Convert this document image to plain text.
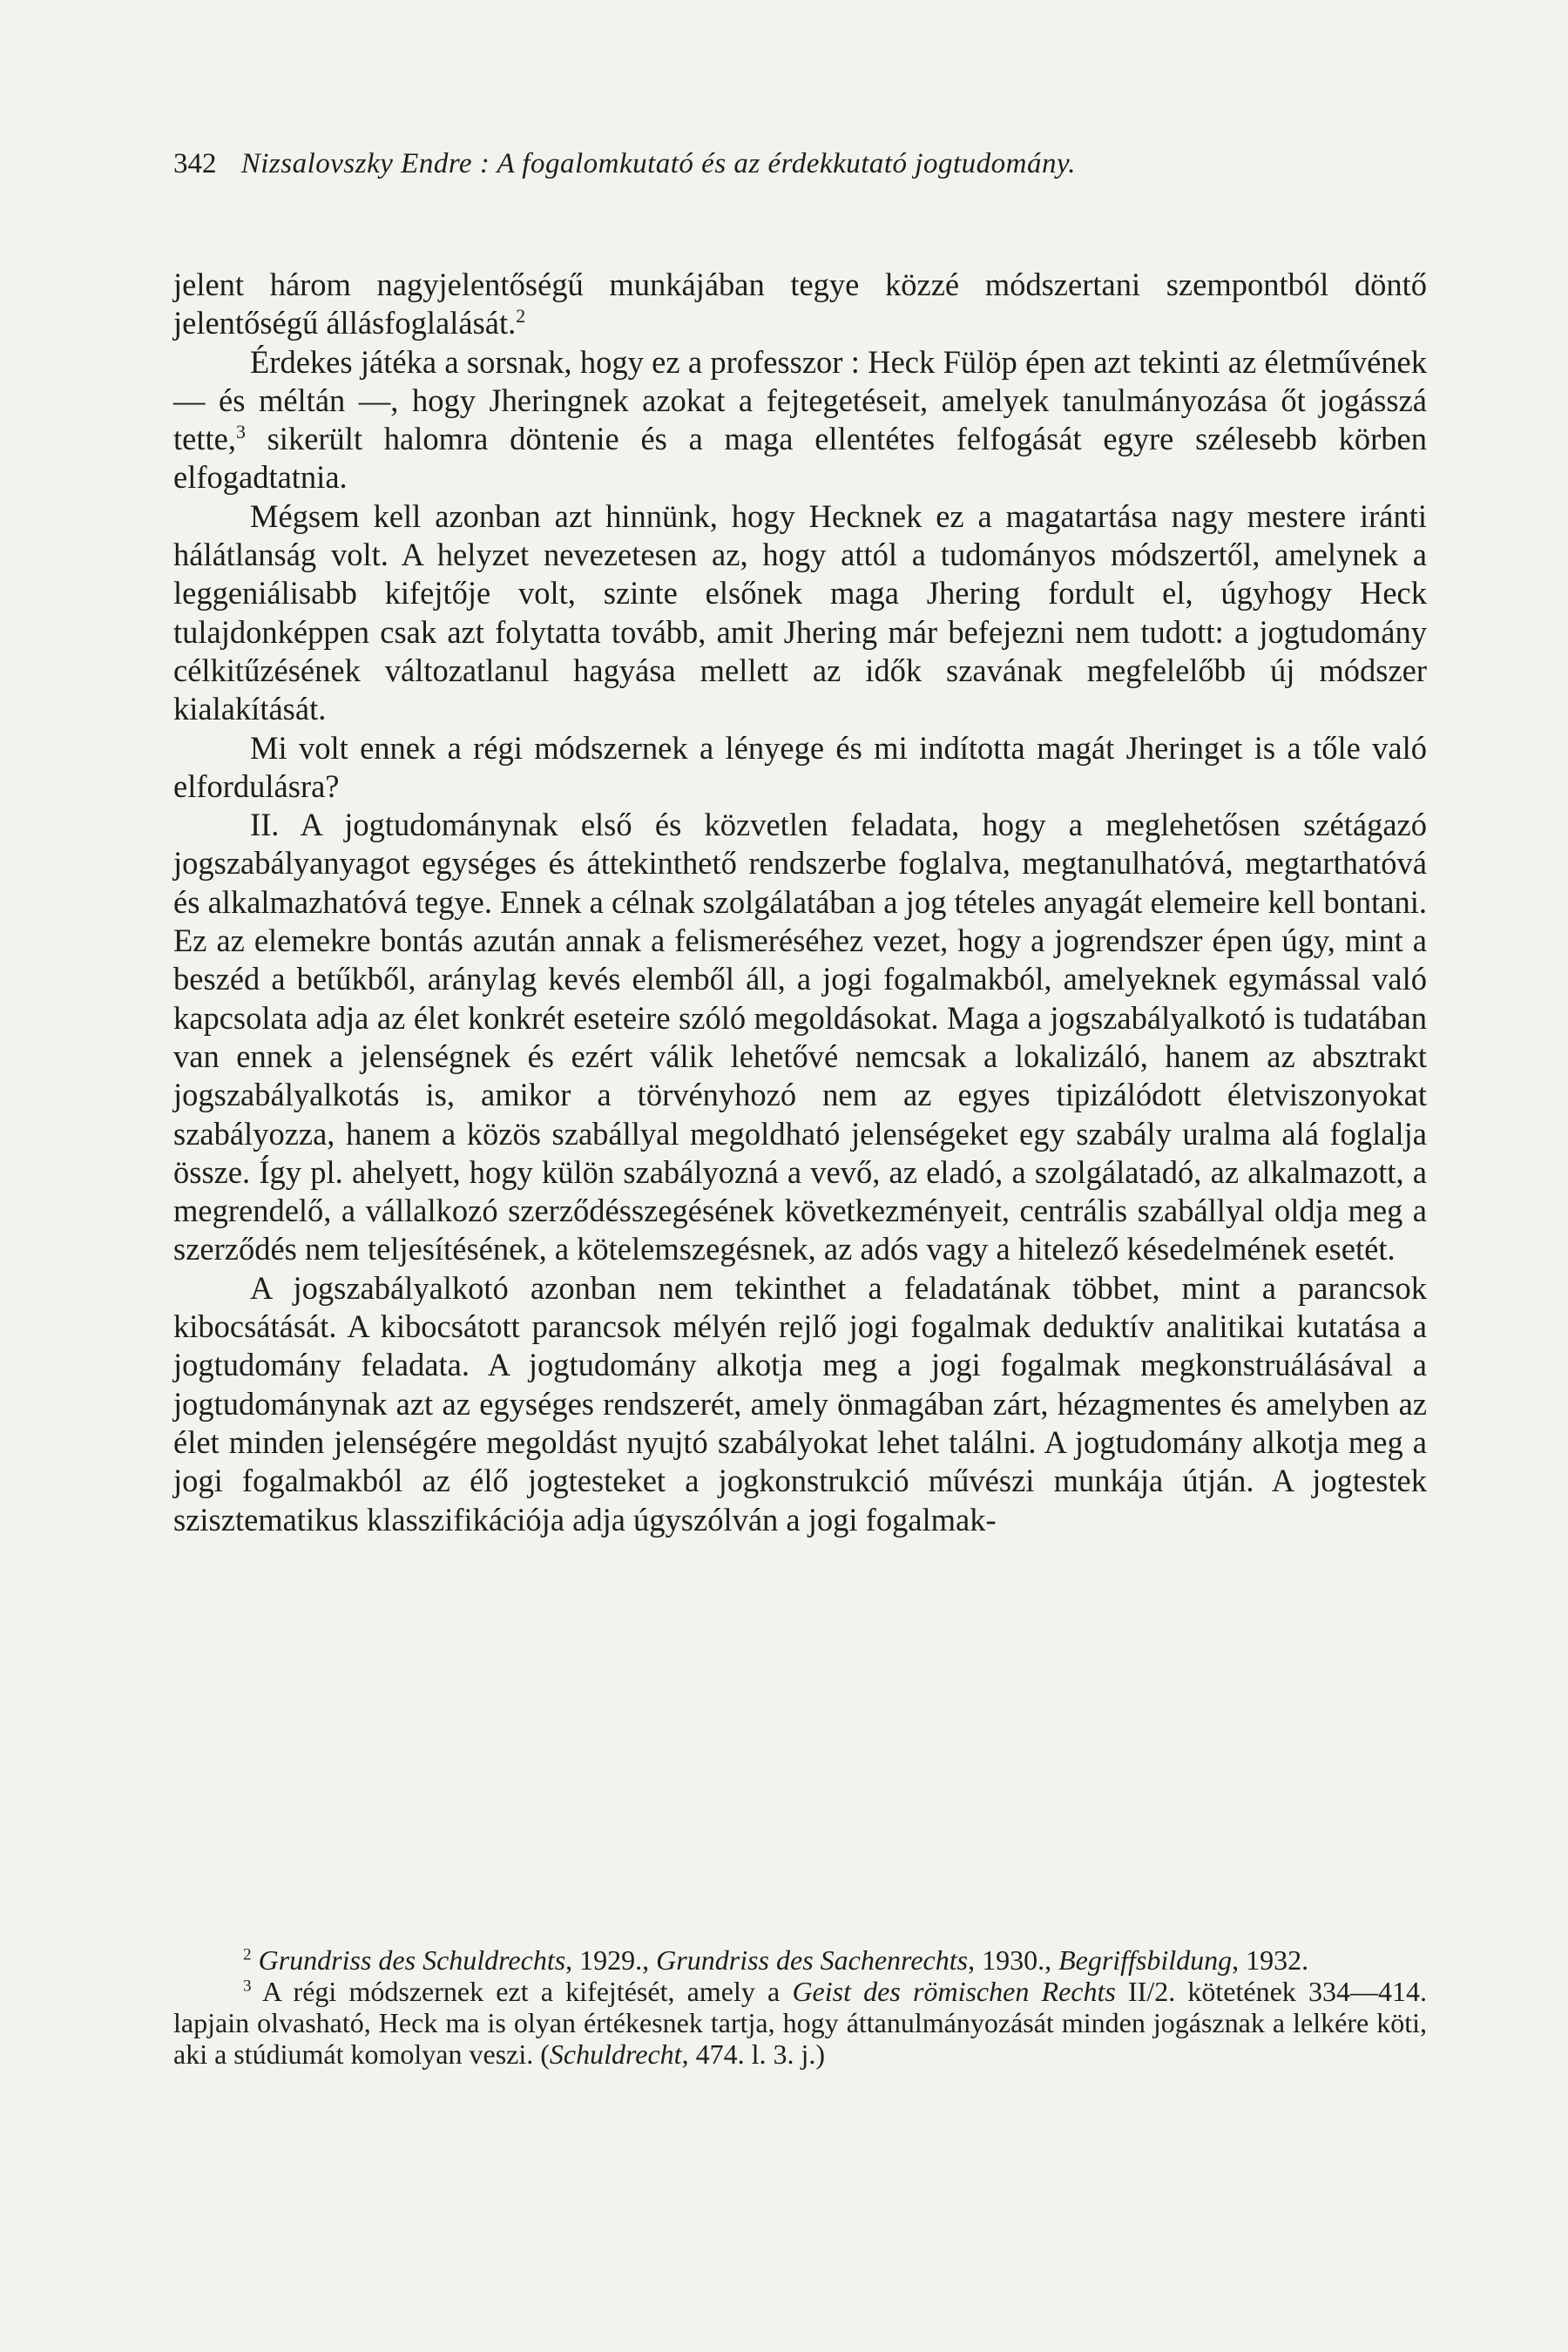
342 Nizsalovszky Endre : A fogalomkutató és az érdekkutató jogtudomány.

jelent három nagyjelentőségű munkájában tegye közzé módszertani szempontból döntő jelentőségű állásfoglalását.$^2$

Érdekes játéka a sorsnak, hogy ez a professzor : Heck Fülöp épen azt tekinti az életművének — és méltán —, hogy Jheringnek azokat a fejtegetéseit, amelyek tanulmányozása őt jogásszá tette,$^3$ sikerült halomra döntenie és a maga ellentétes felfogását egyre szélesebb körben elfogadtatnia.

Mégsem kell azonban azt hinnünk, hogy Hecknek ez a magatartása nagy mestere iránti hálátlanság volt. A helyzet nevezetesen az, hogy attól a tudományos módszertől, amelynek a leggeniálisabb kifejtője volt, szinte elsőnek maga Jhering fordult el, úgyhogy Heck tulajdonképpen csak azt folytatta tovább, amit Jhering már befejezni nem tudott: a jogtudomány célkitűzésének változatlanul hagyása mellett az idők szavának megfelelőbb új módszer kialakítását.

Mi volt ennek a régi módszernek a lényege és mi indította magát Jheringet is a tőle való elfordulásra?

II. A jogtudománynak első és közvetlen feladata, hogy a meglehetősen szétágazó jogszabályanyagot egységes és áttekinthető rendszerbe foglalva, megtanulhatóvá, megtarthatóvá és alkalmazhatóvá tegye. Ennek a célnak szolgálatában a jog tételes anyagát elemeire kell bontani. Ez az elemekre bontás azután annak a felismeréséhez vezet, hogy a jogrendszer épen úgy, mint a beszéd a betűkből, aránylag kevés elemből áll, a jogi fogalmakból, amelyeknek egymással való kapcsolata adja az élet konkrét eseteire szóló megoldásokat. Maga a jogszabályalkotó is tudatában van ennek a jelenségnek és ezért válik lehetővé nemcsak a lokalizáló, hanem az absztrakt jogszabályalkotás is, amikor a törvényhozó nem az egyes tipizálódott életviszonyokat szabályozza, hanem a közös szabállyal megoldható jelenségeket egy szabály uralma alá foglalja össze. Így pl. ahelyett, hogy külön szabályozná a vevő, az eladó, a szolgálatadó, az alkalmazott, a megrendelő, a vállalkozó szerződésszegésének következményeit, centrális szabállyal oldja meg a szerződés nem teljesítésének, a kötelemszegésnek, az adós vagy a hitelező késedelmének esetét.

A jogszabályalkotó azonban nem tekinthet a feladatának többet, mint a parancsok kibocsátását. A kibocsátott parancsok mélyén rejlő jogi fogalmak deduktív analitikai kutatása a jogtudomány feladata. A jogtudomány alkotja meg a jogi fogalmak megkonstruálásával a jogtudománynak azt az egységes rendszerét, amely önmagában zárt, hézagmentes és amelyben az élet minden jelenségére megoldást nyujtó szabályokat lehet találni. A jogtudomány alkotja meg a jogi fogalmakból az élő jogtesteket a jogkonstrukció művészi munkája útján. A jogtestek szisztematikus klasszifikációja adja úgyszólván a jogi fogalmak-

$^2$ Grundriss des Schuldrechts, 1929., Grundriss des Sachenrechts, 1930., Begriffsbildung, 1932.

$^3$ A régi módszernek ezt a kifejtését, amely a Geist des römischen Rechts II/2. kötetének 334—414. lapjain olvasható, Heck ma is olyan értékesnek tartja, hogy áttanulmányozását minden jogásznak a lelkére köti, aki a stúdiumát komolyan veszi. (Schuldrecht, 474. l. 3. j.)
